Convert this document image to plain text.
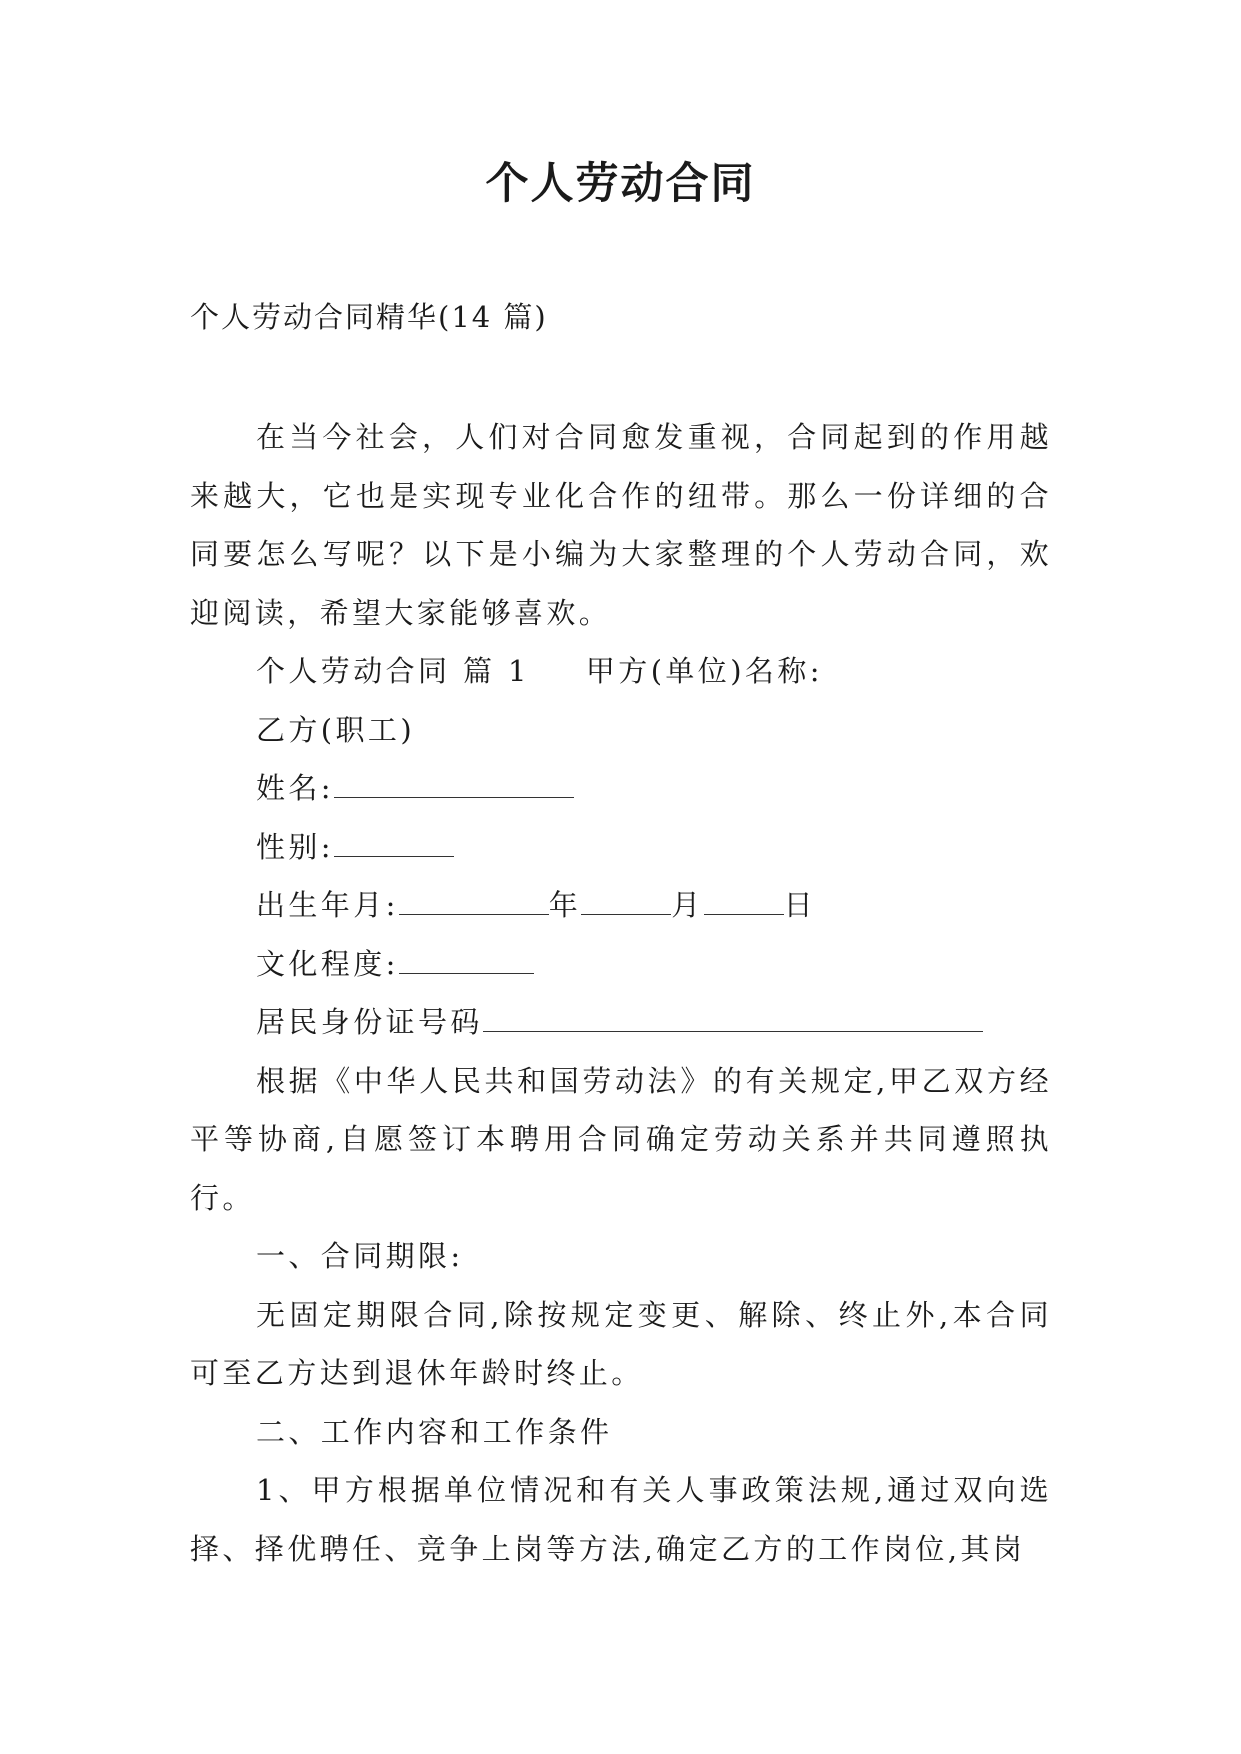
个人劳动合同
个人劳动合同精华(14 篇)

在当今社会，人们对合同愈发重视，合同起到的作用越来越大，它也是实现专业化合作的纽带。那么一份详细的合同要怎么写呢？以下是小编为大家整理的个人劳动合同，欢迎阅读，希望大家能够喜欢。

个人劳动合同 篇 1 甲方(单位)名称:

乙方(职工)

姓名:

性别:

出生年月:	年	月	日

文化程度:

居民身份证号码

根据《中华人民共和国劳动法》的有关规定,甲乙双方经平等协商,自愿签订本聘用合同确定劳动关系并共同遵照执行。

一、合同期限:

无固定期限合同,除按规定变更、解除、终止外,本合同可至乙方达到退休年龄时终止。

二、工作内容和工作条件

1、甲方根据单位情况和有关人事政策法规,通过双向选择、择优聘任、竞争上岗等方法,确定乙方的工作岗位,其岗
